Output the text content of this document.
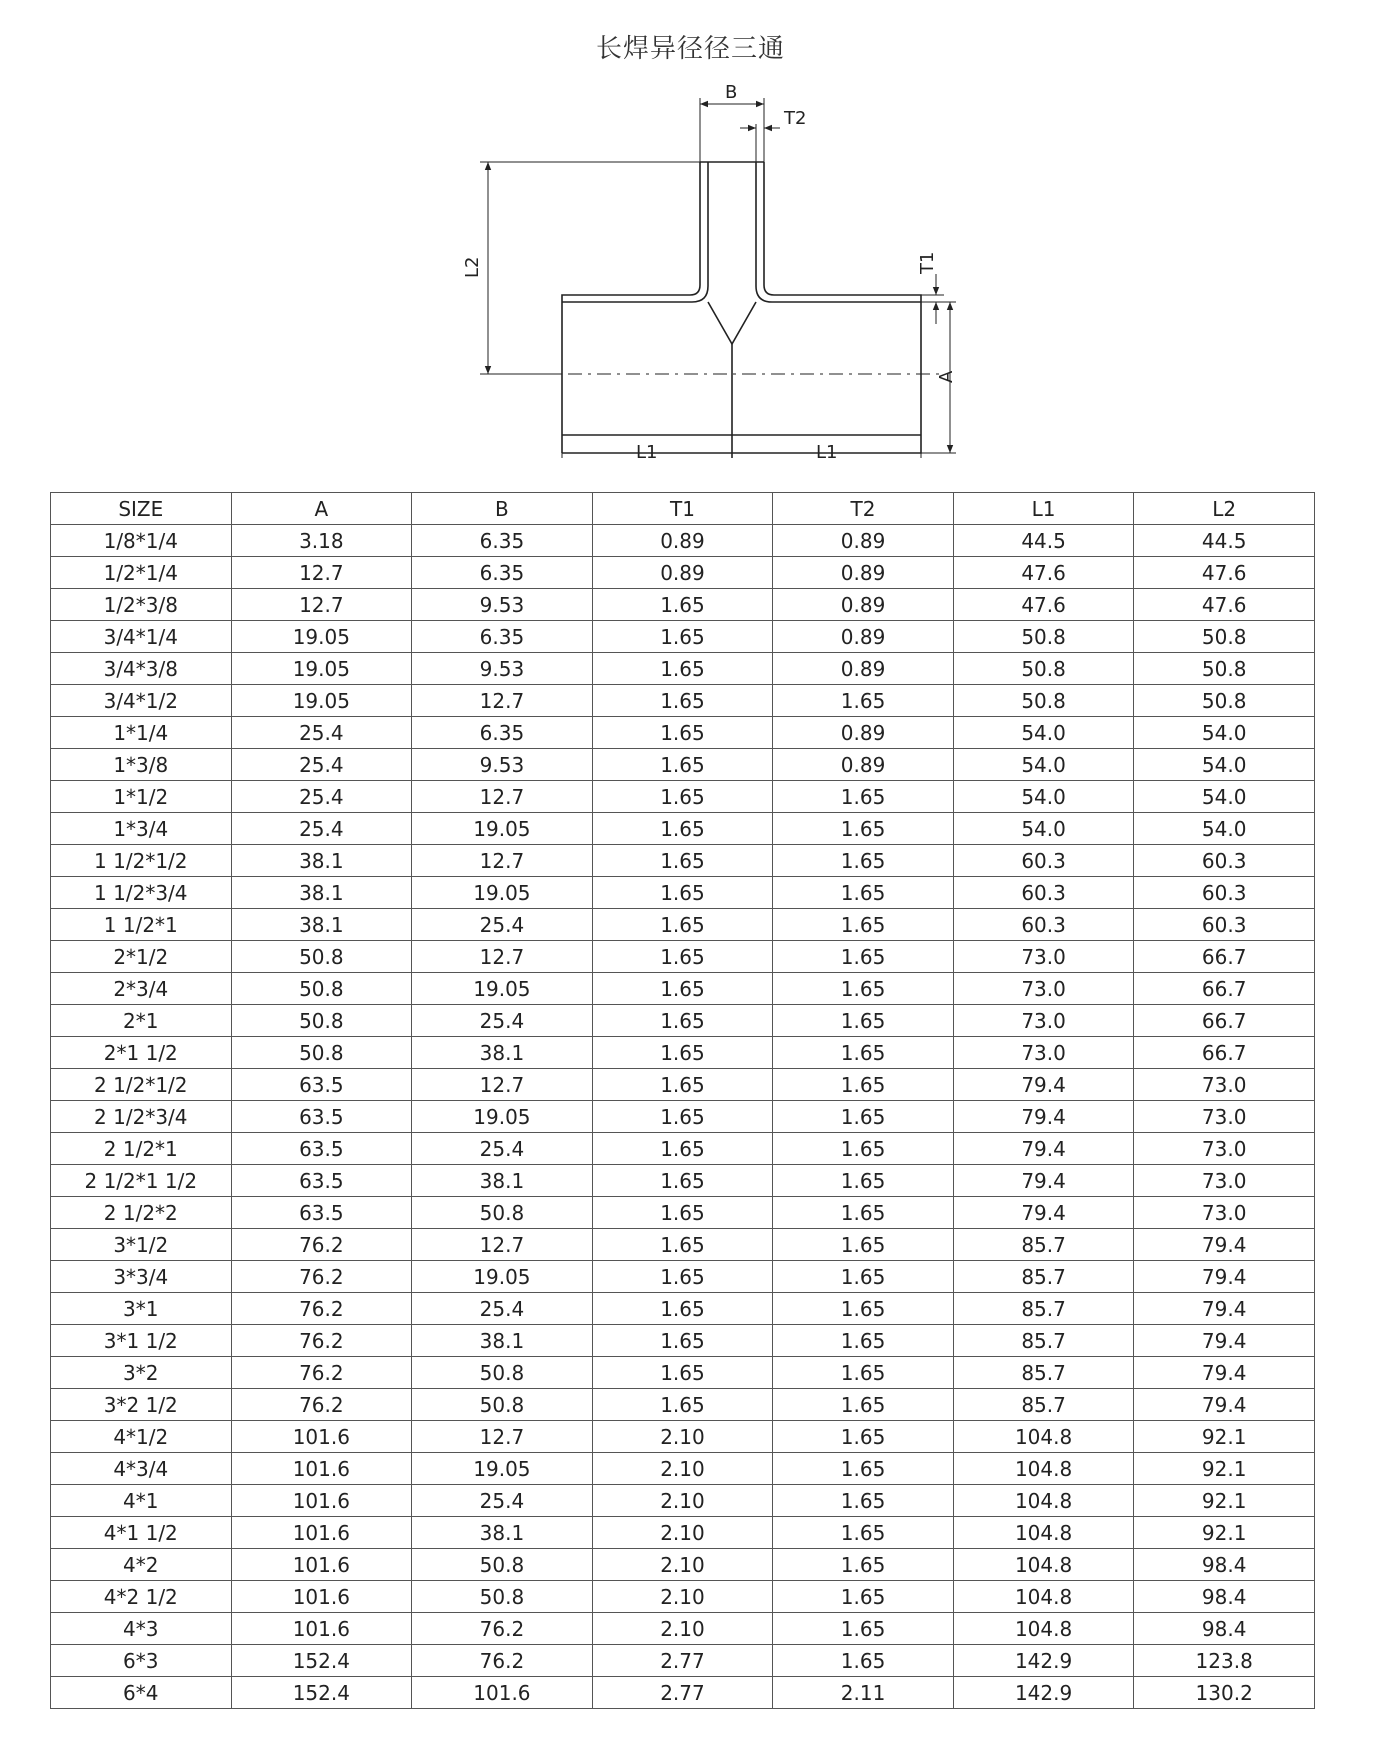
长焊异径径三通
B
T2
L2	T1
A
L1	L1
SIZE	A	B	T1	T2	L1	L2
1/8*1/4	3.18	6.35	0.89	0.89	44.5	44.5
1/2*1/4	12.7	6.35	0.89	0.89	47.6	47.6
1/2*3/8	12.7	9.53	1.65	0.89	47.6	47.6
3/4*1/4	19.05	6.35	1.65	0.89	50.8	50.8
3/4*3/8	19.05	9.53	1.65	0.89	50.8	50.8
3/4*1/2	19.05	12.7	1.65	1.65	50.8	50.8
1*1/4	25.4	6.35	1.65	0.89	54.0	54.0
1*3/8	25.4	9.53	1.65	0.89	54.0	54.0
1*1/2	25.4	12.7	1.65	1.65	54.0	54.0
1*3/4	25.4	19.05	1.65	1.65	54.0	54.0
1 1/2*1/2	38.1	12.7	1.65	1.65	60.3	60.3
1 1/2*3/4	38.1	19.05	1.65	1.65	60.3	60.3
1 1/2*1	38.1	25.4	1.65	1.65	60.3	60.3
2*1/2	50.8	12.7	1.65	1.65	73.0	66.7
2*3/4	50.8	19.05	1.65	1.65	73.0	66.7
2*1	50.8	25.4	1.65	1.65	73.0	66.7
2*1 1/2	50.8	38.1	1.65	1.65	73.0	66.7
2 1/2*1/2	63.5	12.7	1.65	1.65	79.4	73.0
2 1/2*3/4	63.5	19.05	1.65	1.65	79.4	73.0
2 1/2*1	63.5	25.4	1.65	1.65	79.4	73.0
2 1/2*1 1/2	63.5	38.1	1.65	1.65	79.4	73.0
2 1/2*2	63.5	50.8	1.65	1.65	79.4	73.0
3*1/2	76.2	12.7	1.65	1.65	85.7	79.4
3*3/4	76.2	19.05	1.65	1.65	85.7	79.4
3*1	76.2	25.4	1.65	1.65	85.7	79.4
3*1 1/2	76.2	38.1	1.65	1.65	85.7	79.4
3*2	76.2	50.8	1.65	1.65	85.7	79.4
3*2 1/2	76.2	50.8	1.65	1.65	85.7	79.4
4*1/2	101.6	12.7	2.10	1.65	104.8	92.1
4*3/4	101.6	19.05	2.10	1.65	104.8	92.1
4*1	101.6	25.4	2.10	1.65	104.8	92.1
4*1 1/2	101.6	38.1	2.10	1.65	104.8	92.1
4*2	101.6	50.8	2.10	1.65	104.8	98.4
4*2 1/2	101.6	50.8	2.10	1.65	104.8	98.4
4*3	101.6	76.2	2.10	1.65	104.8	98.4
6*3	152.4	76.2	2.77	1.65	142.9	123.8
6*4	152.4	101.6	2.77	2.11	142.9	130.2
